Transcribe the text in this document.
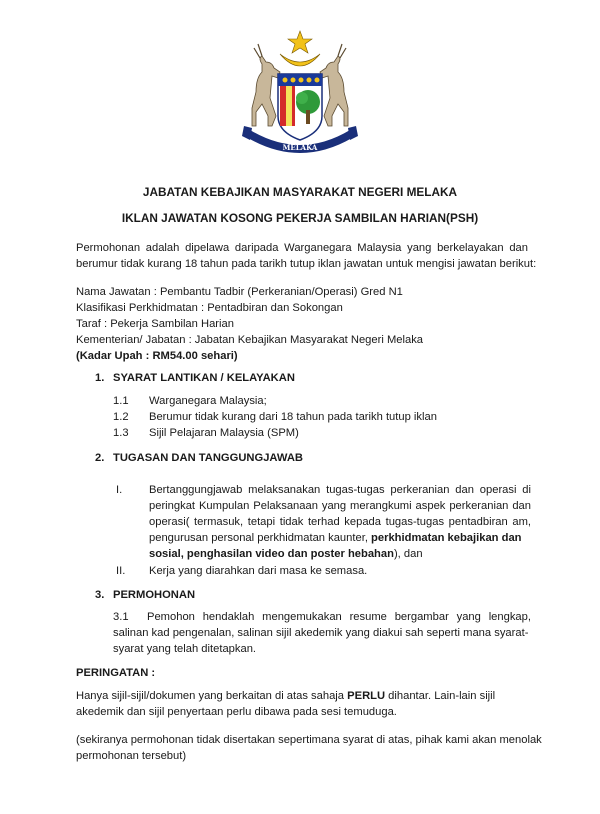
MELAKA
JABATAN KEBAJIKAN MASYARAKAT NEGERI MELAKA
IKLAN JAWATAN KOSONG PEKERJA SAMBILAN HARIAN(PSH)
Permohonan adalah dipelawa daripada Warganegara Malaysia yang berkelayakan dan
berumur tidak kurang 18 tahun pada tarikh tutup iklan jawatan untuk mengisi jawatan berikut:
Nama Jawatan : Pembantu Tadbir (Perkeranian/Operasi) Gred N1
Klasifikasi Perkhidmatan : Pentadbiran dan Sokongan
Taraf : Pekerja Sambilan Harian
Kementerian/ Jabatan : Jabatan Kebajikan Masyarakat Negeri Melaka
(Kadar Upah : RM54.00 sehari)
1. SYARAT LANTIKAN / KELAYAKAN
1.1	Warganegara Malaysia;
1.2	Berumur tidak kurang dari 18 tahun pada tarikh tutup iklan
1.3	Sijil Pelajaran Malaysia (SPM)
2. TUGASAN DAN TANGGUNGJAWAB
I. Bertanggungjawab melaksanakan tugas-tugas perkeranian dan operasi di
peringkat Kumpulan Pelaksanaan yang merangkumi aspek perkeranian dan
operasi( termasuk, tetapi tidak terhad kepada tugas-tugas pentadbiran am,
pengurusan personal perkhidmatan kaunter, perkhidmatan kebajikan dan
sosial, penghasilan video dan poster hebahan), dan
II. Kerja yang diarahkan dari masa ke semasa.
3. PERMOHONAN
3.1 Pemohon hendaklah mengemukakan resume bergambar yang lengkap,
salinan kad pengenalan, salinan sijil akedemik yang diakui sah seperti mana syarat-
syarat yang telah ditetapkan.
PERINGATAN :
Hanya sijil-sijil/dokumen yang berkaitan di atas sahaja PERLU dihantar. Lain-lain sijil
akedemik dan sijil penyertaan perlu dibawa pada sesi temuduga.
(sekiranya permohonan tidak disertakan sepertimana syarat di atas, pihak kami akan menolak
permohonan tersebut)
